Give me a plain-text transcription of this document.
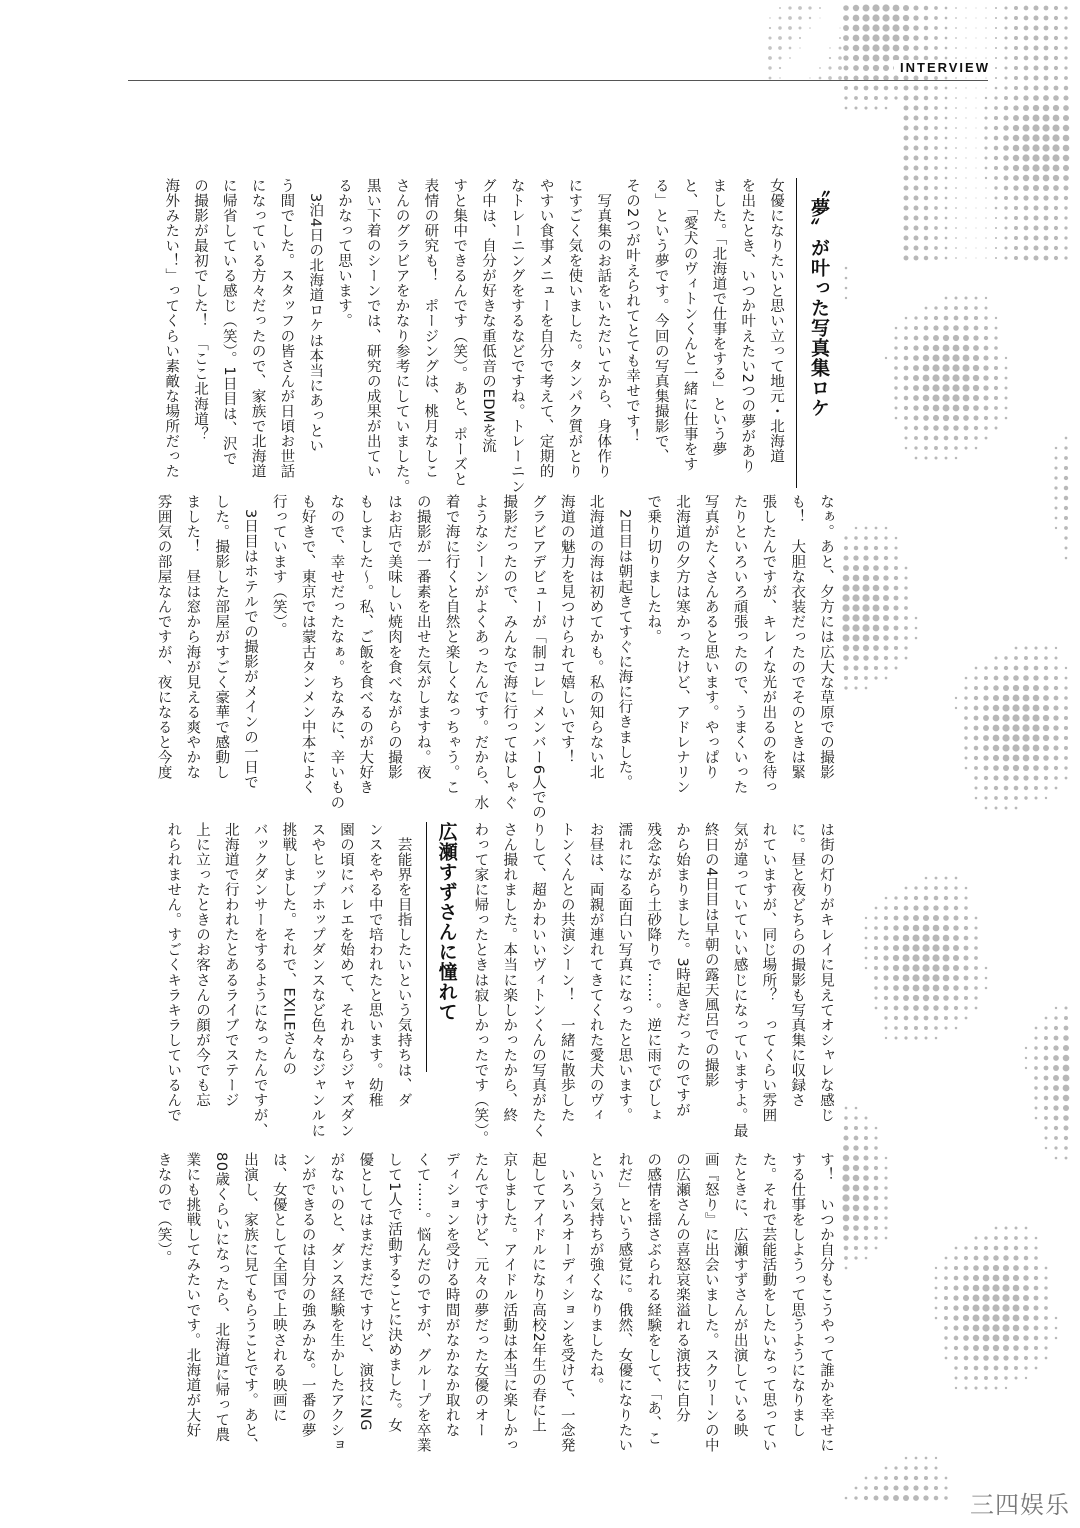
INTERVIEW
〝夢〟が叶った写真集ロケ
女優になりたいと思い立って地元・北海道
を出たとき、いつか叶えたい2つの夢があり
ました。「北海道で仕事をする」という夢
と、「愛犬のヴィトンくんと一緒に仕事をす
る」という夢です。今回の写真集撮影で、
その2つが叶えられてとても幸せです！
　写真集のお話をいただいてから、身体作り
にすごく気を使いました。タンパク質がとり
やすい食事メニューを自分で考えて、定期的
なトレーニングをするなどですね。トレーニン
グ中は、自分が好きな重低音のEDMを流
すと集中できるんです（笑）。あと、ポーズと
表情の研究も！　ポージングは、桃月なしこ
さんのグラビアをかなり参考にしていました。
黒い下着のシーンでは、研究の成果が出てい
るかなって思います。
　3泊4日の北海道ロケは本当にあっとい
う間でした。スタッフの皆さんが日頃お世話
になっている方々だったので、家族で北海道
に帰省している感じ（笑）。1日目は、沢で
の撮影が最初でした！　「ここ北海道？
海外みたい！」ってくらい素敵な場所だった
なぁ。あと、夕方には広大な草原での撮影
も！　大胆な衣装だったのでそのときは緊
張したんですが、キレイな光が出るのを待っ
たりといろいろ頑張ったので、うまくいった
写真がたくさんあると思います。やっぱり
北海道の夕方は寒かったけど、アドレナリン
で乗り切りましたね。
　2日目は朝起きてすぐに海に行きました。
北海道の海は初めてかも。私の知らない北
海道の魅力を見つけられて嬉しいです！
グラビアデビューが「制コレ」メンバー6人での
撮影だったので、みんなで海に行ってはしゃぐ
ようなシーンがよくあったんです。だから、水
着で海に行くと自然と楽しくなっちゃう。こ
の撮影が一番素を出せた気がしますね。夜
はお店で美味しい焼肉を食べながらの撮影
もしました～。私、ご飯を食べるのが大好き
なので、幸せだったなぁ。ちなみに、辛いもの
も好きで、東京では蒙古タンメン中本によく
行っています（笑）。
　3日目はホテルでの撮影がメインの一日で
した。撮影した部屋がすごく豪華で感動し
ました！　昼は窓から海が見える爽やかな
雰囲気の部屋なんですが、夜になると今度
は街の灯りがキレイに見えてオシャレな感じ
に。昼と夜どちらの撮影も写真集に収録さ
れていますが、同じ場所？　ってくらい雰囲
気が違っていていい感じになっていますよ。最
終日の4日目は早朝の露天風呂での撮影
から始まりました。3時起きだったのですが
残念ながら土砂降りで……。逆に雨でびしょ
濡れになる面白い写真になったと思います。
お昼は、両親が連れてきてくれた愛犬のヴィ
トンくんとの共演シーン！　一緒に散歩した
りして、超かわいいヴィトンくんの写真がたく
さん撮れました。本当に楽しかったから、終
わって家に帰ったときは寂しかったです（笑）。
広瀬すずさんに憧れて
　芸能界を目指したいという気持ちは、ダ
ンスをやる中で培われたと思います。幼稚
園の頃にバレエを始めて、それからジャズダン
スやヒップホップダンスなど色々なジャンルに
挑戦しました。それで、EXILEさんの
バックダンサーをするようになったんですが、
北海道で行われたとあるライブでステージ
上に立ったときのお客さんの顔が今でも忘
れられません。すごくキラキラしているんで
す！　いつか自分もこうやって誰かを幸せに
する仕事をしようって思うようになりまし
た。それで芸能活動をしたいなって思ってい
たときに、広瀬すずさんが出演している映
画『怒り』に出会いました。スクリーンの中
の広瀬さんの喜怒哀楽溢れる演技に自分
の感情を揺さぶられる経験をして、「あ、こ
れだ」という感覚に。俄然、女優になりたい
という気持ちが強くなりましたね。
　いろいろオーディションを受けて、一念発
起してアイドルになり高校2年生の春に上
京しました。アイドル活動は本当に楽しかっ
たんですけど、元々の夢だった女優のオー
ディションを受ける時間がなかなか取れな
くて……。悩んだのですが、グループを卒業
して1人で活動することに決めました。女
優としてはまだまだですけど、演技にNG
がないのと、ダンス経験を生かしたアクショ
ンができるのは自分の強みかな。一番の夢
は、女優として全国で上映される映画に
出演し、家族に見てもらうことです。あと、
80歳くらいになったら、北海道に帰って農
業にも挑戦してみたいです。北海道が大好
きなので（笑）。
三四娱乐
